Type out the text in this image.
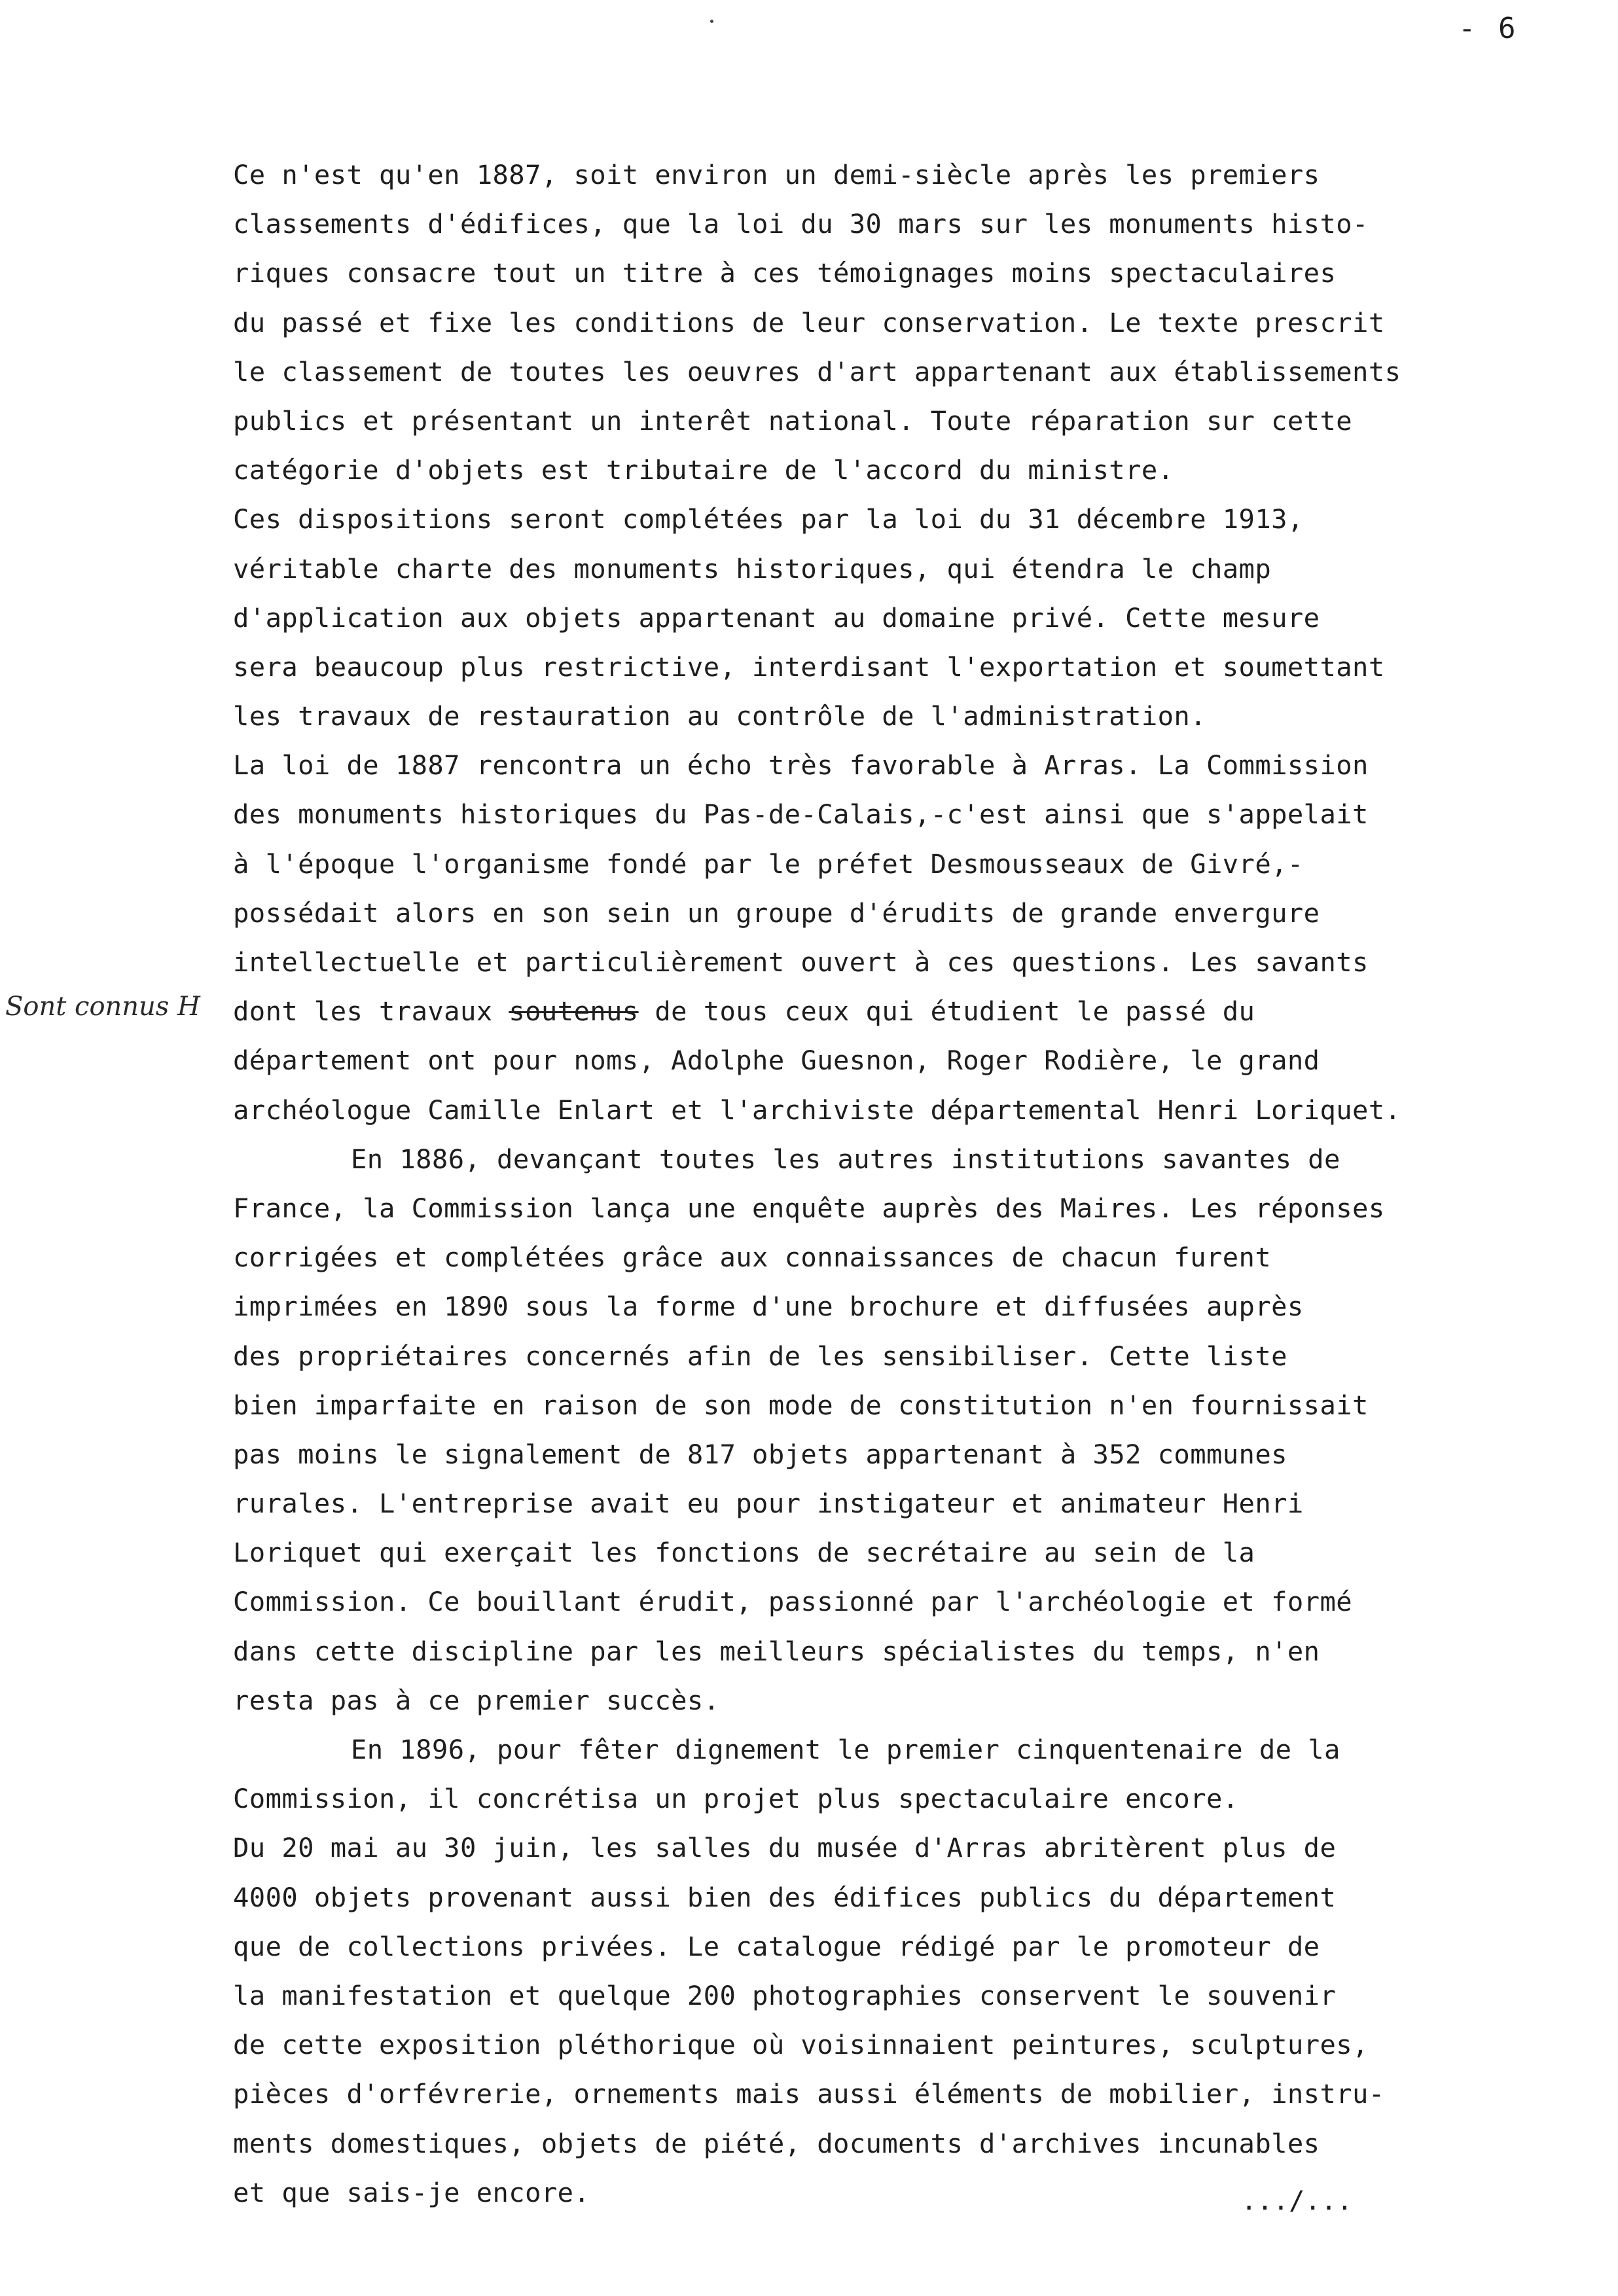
- 6
Sont connus H
Ce n'est qu'en 1887, soit environ un demi-siècle après les premiers
classements d'édifices, que la loi du 30 mars sur les monuments histo-
riques consacre tout un titre à ces témoignages moins spectaculaires
du passé et fixe les conditions de leur conservation. Le texte prescrit
le classement de toutes les oeuvres d'art appartenant aux établissements
publics et présentant un interêt national. Toute réparation sur cette
catégorie d'objets est tributaire de l'accord du ministre.
Ces dispositions seront complétées par la loi du 31 décembre 1913,
véritable charte des monuments historiques, qui étendra le champ
d'application aux objets appartenant au domaine privé. Cette mesure
sera beaucoup plus restrictive, interdisant l'exportation et soumettant
les travaux de restauration au contrôle de l'administration.
La loi de 1887 rencontra un écho très favorable à Arras. La Commission
des monuments historiques du Pas-de-Calais,-c'est ainsi que s'appelait
à l'époque l'organisme fondé par le préfet Desmousseaux de Givré,-
possédait alors en son sein un groupe d'érudits de grande envergure
intellectuelle et particulièrement ouvert à ces questions. Les savants
dont les travaux soutenus de tous ceux qui étudient le passé du
département ont pour noms, Adolphe Guesnon, Roger Rodière, le grand
archéologue Camille Enlart et l'archiviste départemental Henri Loriquet.
En 1886, devançant toutes les autres institutions savantes de
France, la Commission lança une enquête auprès des Maires. Les réponses
corrigées et complétées grâce aux connaissances de chacun furent
imprimées en 1890 sous la forme d'une brochure et diffusées auprès
des propriétaires concernés afin de les sensibiliser. Cette liste
bien imparfaite en raison de son mode de constitution n'en fournissait
pas moins le signalement de 817 objets appartenant à 352 communes
rurales. L'entreprise avait eu pour instigateur et animateur Henri
Loriquet qui exerçait les fonctions de secrétaire au sein de la
Commission. Ce bouillant érudit, passionné par l'archéologie et formé
dans cette discipline par les meilleurs spécialistes du temps, n'en
resta pas à ce premier succès.
En 1896, pour fêter dignement le premier cinquentenaire de la
Commission, il concrétisa un projet plus spectaculaire encore.
Du 20 mai au 30 juin, les salles du musée d'Arras abritèrent plus de
4000 objets provenant aussi bien des édifices publics du département
que de collections privées. Le catalogue rédigé par le promoteur de
la manifestation et quelque 200 photographies conservent le souvenir
de cette exposition pléthorique où voisinnaient peintures, sculptures,
pièces d'orfévrerie, ornements mais aussi éléments de mobilier, instru-
ments domestiques, objets de piété, documents d'archives incunables
et que sais-je encore.	.../...
